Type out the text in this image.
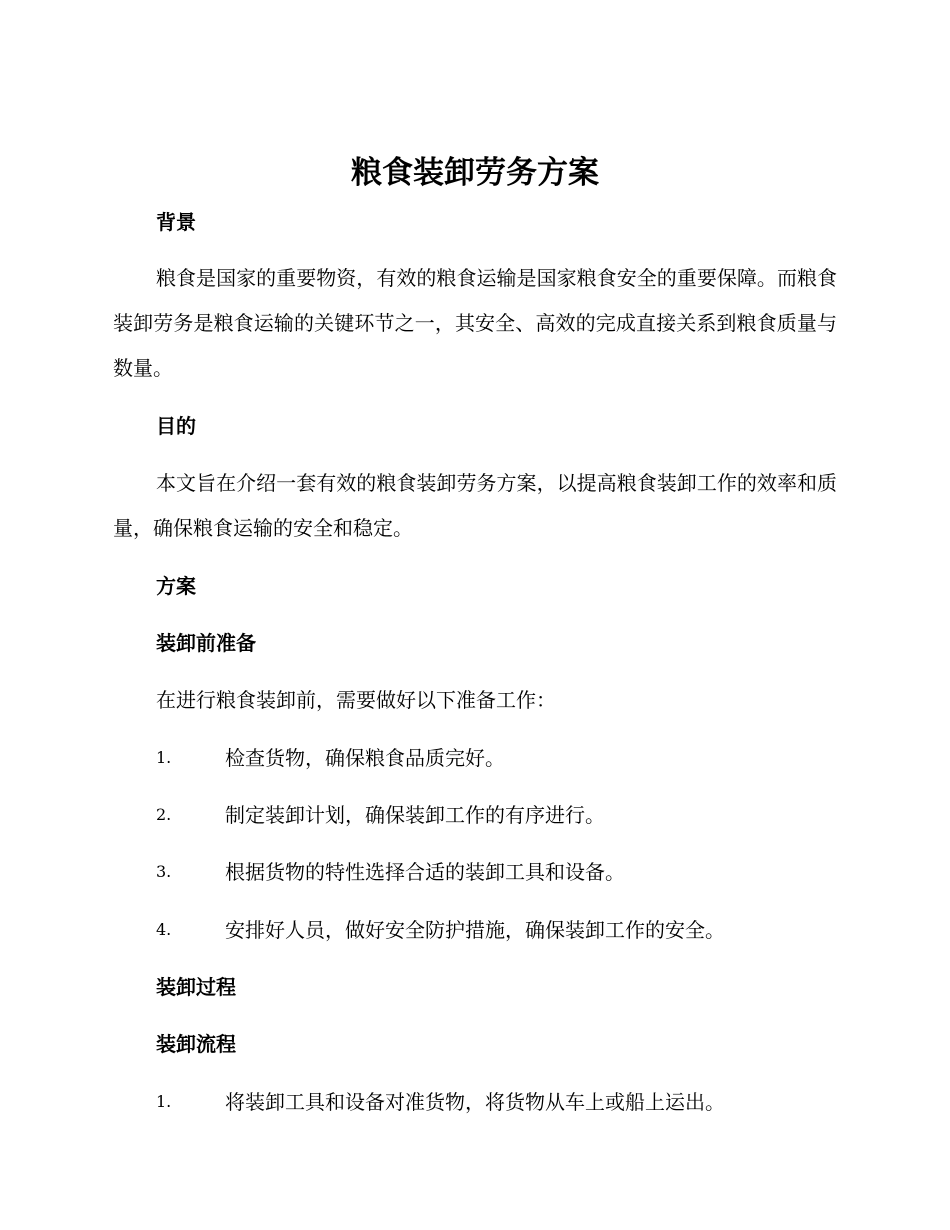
粮食装卸劳务方案
背景

粮食是国家的重要物资，有效的粮食运输是国家粮食安全的重要保障。而粮食装卸劳务是粮食运输的关键环节之一，其安全、高效的完成直接关系到粮食质量与数量。

目的

本文旨在介绍一套有效的粮食装卸劳务方案，以提高粮食装卸工作的效率和质量，确保粮食运输的安全和稳定。

方案
装卸前准备

在进行粮食装卸前，需要做好以下准备工作：

1.	检查货物，确保粮食品质完好。
2.	制定装卸计划，确保装卸工作的有序进行。
3.	根据货物的特性选择合适的装卸工具和设备。
4.	安排好人员，做好安全防护措施，确保装卸工作的安全。
装卸过程
装卸流程
1.	将装卸工具和设备对准货物，将货物从车上或船上运出。
